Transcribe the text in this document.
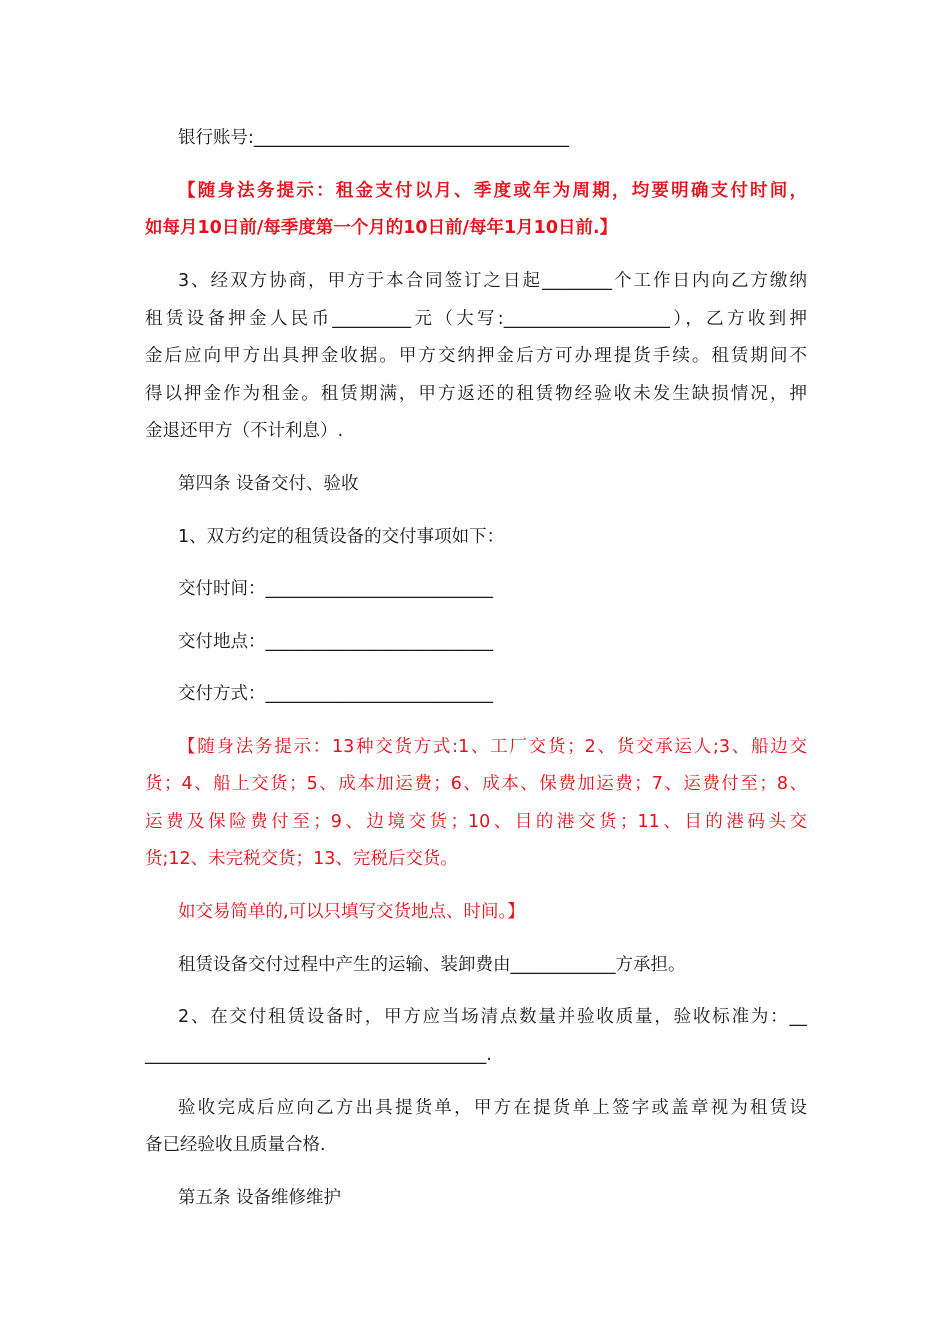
银行账号:____________________________________

【随身法务提示：租金支付以月、季度或年为周期，均要明确支付时间，

如每月10日前/每季度第一个月的10日前/每年1月10日前.】

3、经双方协商，甲方于本合同签订之日起________个工作日内向乙方缴纳

租赁设备押金人民币_________元（大写:___________________），乙方收到押

金后应向甲方出具押金收据。甲方交纳押金后方可办理提货手续。租赁期间不

得以押金作为租金。租赁期满，甲方返还的租赁物经验收未发生缺损情况，押

金退还甲方（不计利息）.

第四条 设备交付、验收

1、双方约定的租赁设备的交付事项如下：

交付时间：__________________________

交付地点：__________________________

交付方式：__________________________

【随身法务提示：13种交货方式:1、工厂交货；2、货交承运人;3、船边交

货；4、船上交货；5、成本加运费；6、成本、保费加运费；7、运费付至；8、

运费及保险费付至；9、边境交货；10、目的港交货；11、目的港码头交

货;12、未完税交货；13、完税后交货。

如交易简单的,可以只填写交货地点、时间。】

租赁设备交付过程中产生的运输、装卸费由____________方承担。

2、在交付租赁设备时，甲方应当场清点数量并验收质量，验收标准为：__

_______________________________________.

验收完成后应向乙方出具提货单，甲方在提货单上签字或盖章视为租赁设

备已经验收且质量合格.

第五条 设备维修维护
